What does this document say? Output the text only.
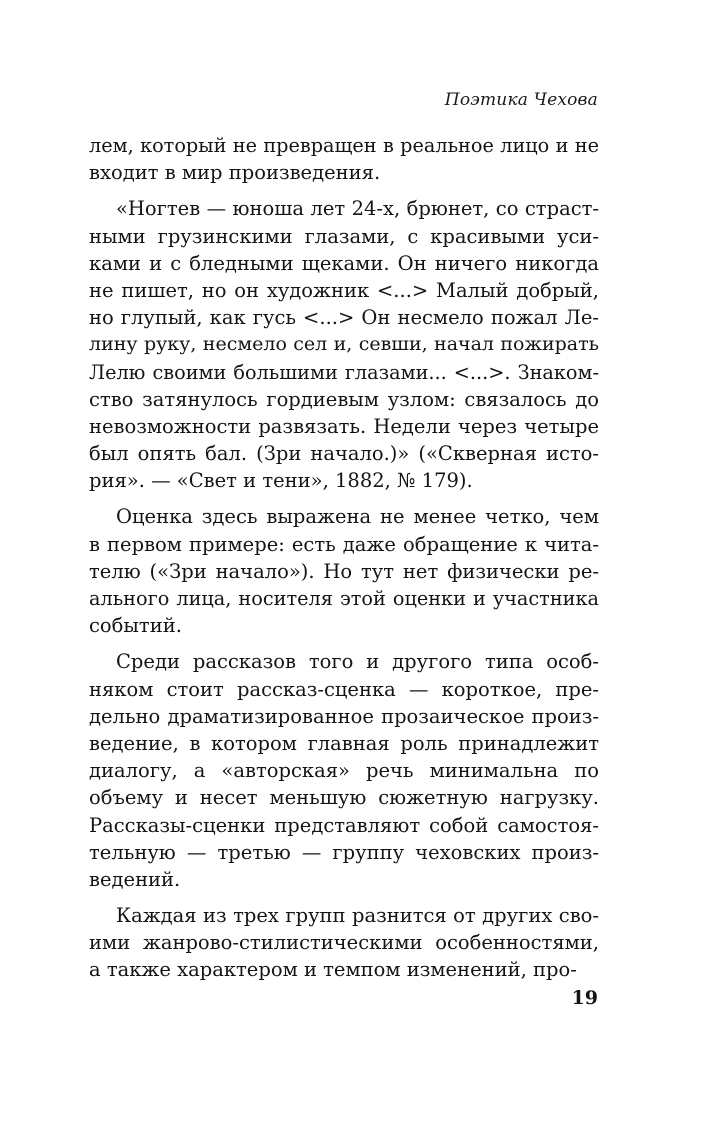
Поэтика Чехова
лем, который не превращен в реальное лицо и не
входит в мир произведения.
«Ногтев — юноша лет 24-х, брюнет, со страст-
ными грузинскими глазами, с красивыми уси-
ками и с бледными щеками. Он ничего никогда
не пишет, но он художник <...> Малый добрый,
но глупый, как гусь <...> Он несмело пожал Ле-
лину руку, несмело сел и, севши, начал пожирать
Лелю своими большими глазами... <...>. Знаком-
ство затянулось гордиевым узлом: связалось до
невозможности развязать. Недели через четыре
был опять бал. (Зри начало.)» («Скверная исто-
рия». — «Свет и тени», 1882, № 179).
Оценка здесь выражена не менее четко, чем
в первом примере: есть даже обращение к чита-
телю («Зри начало»). Но тут нет физически ре-
ального лица, носителя этой оценки и участника
событий.
Среди рассказов того и другого типа особ-
няком стоит рассказ-сценка — короткое, пре-
дельно драматизированное прозаическое произ-
ведение, в котором главная роль принадлежит
диалогу, а «авторская» речь минимальна по
объему и несет меньшую сюжетную нагрузку.
Рассказы-сценки представляют собой самостоя-
тельную — третью — группу чеховских произ-
ведений.
Каждая из трех групп разнится от других сво-
ими жанрово-стилистическими особенностями,
а также характером и темпом изменений, про-
19
